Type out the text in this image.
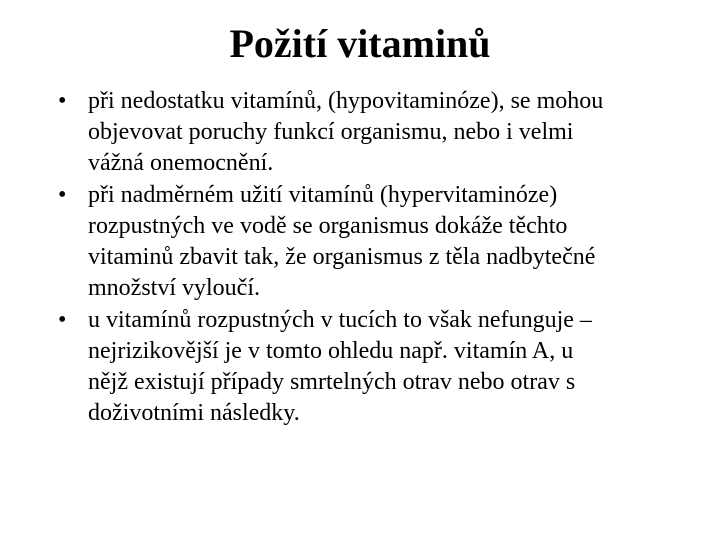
Požití vitaminů
• při nedostatku vitamínů, (hypovitaminóze), se mohou
objevovat poruchy funkcí organismu, nebo i velmi
vážná onemocnění.
• při nadměrném užití vitamínů (hypervitaminóze)
rozpustných ve vodě se organismus dokáže těchto
vitaminů zbavit tak, že organismus z těla nadbytečné
množství vyloučí.
• u vitamínů rozpustných v tucích to však nefunguje –
nejrizikovější je v tomto ohledu např. vitamín A, u
nějž existují případy smrtelných otrav nebo otrav s
doživotními následky.
